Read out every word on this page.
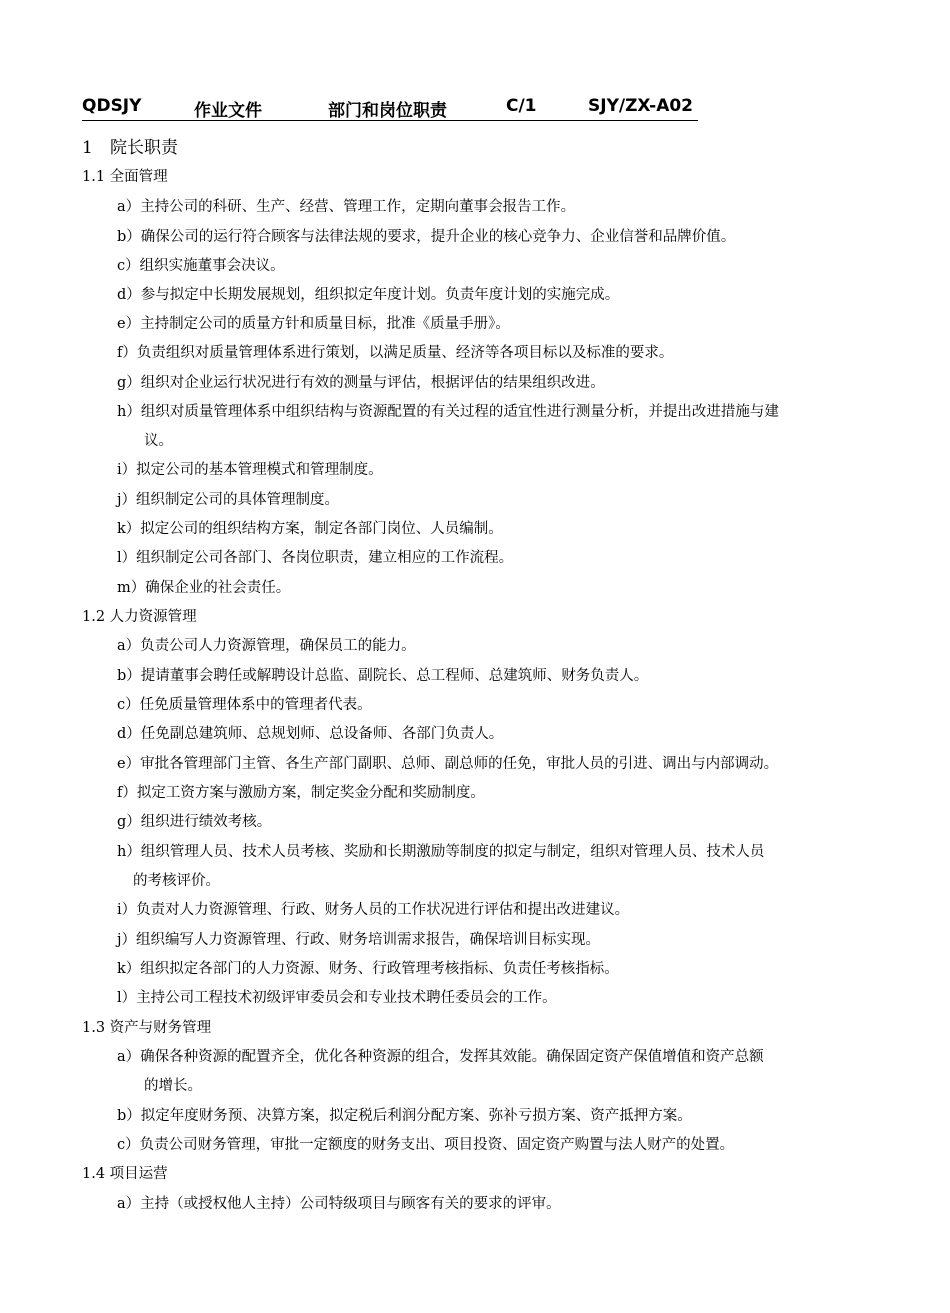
QDSJY	作业文件	部门和岗位职责	C/1	SJY/ZX-A02
1 院长职责
1.1 全面管理
a）主持公司的科研、生产、经营、管理工作，定期向董事会报告工作。
b）确保公司的运行符合顾客与法律法规的要求，提升企业的核心竞争力、企业信誉和品牌价值。
c）组织实施董事会决议。
d）参与拟定中长期发展规划，组织拟定年度计划。负责年度计划的实施完成。
e）主持制定公司的质量方针和质量目标，批准《质量手册》。
f）负责组织对质量管理体系进行策划，以满足质量、经济等各项目标以及标准的要求。
g）组织对企业运行状况进行有效的测量与评估，根据评估的结果组织改进。
h）组织对质量管理体系中组织结构与资源配置的有关过程的适宜性进行测量分析，并提出改进措施与建
议。
i）拟定公司的基本管理模式和管理制度。
j）组织制定公司的具体管理制度。
k）拟定公司的组织结构方案，制定各部门岗位、人员编制。
l）组织制定公司各部门、各岗位职责，建立相应的工作流程。
m）确保企业的社会责任。
1.2 人力资源管理
a）负责公司人力资源管理，确保员工的能力。
b）提请董事会聘任或解聘设计总监、副院长、总工程师、总建筑师、财务负责人。
c）任免质量管理体系中的管理者代表。
d）任免副总建筑师、总规划师、总设备师、各部门负责人。
e）审批各管理部门主管、各生产部门副职、总师、副总师的任免，审批人员的引进、调出与内部调动。
f）拟定工资方案与激励方案，制定奖金分配和奖励制度。
g）组织进行绩效考核。
h）组织管理人员、技术人员考核、奖励和长期激励等制度的拟定与制定，组织对管理人员、技术人员
的考核评价。
i）负责对人力资源管理、行政、财务人员的工作状况进行评估和提出改进建议。
j）组织编写人力资源管理、行政、财务培训需求报告，确保培训目标实现。
k）组织拟定各部门的人力资源、财务、行政管理考核指标、负责任考核指标。
l）主持公司工程技术初级评审委员会和专业技术聘任委员会的工作。
1.3 资产与财务管理
a）确保各种资源的配置齐全，优化各种资源的组合，发挥其效能。确保固定资产保值增值和资产总额
的增长。
b）拟定年度财务预、决算方案，拟定税后利润分配方案、弥补亏损方案、资产抵押方案。
c）负责公司财务管理，审批一定额度的财务支出、项目投资、固定资产购置与法人财产的处置。
1.4 项目运营
a）主持（或授权他人主持）公司特级项目与顾客有关的要求的评审。
